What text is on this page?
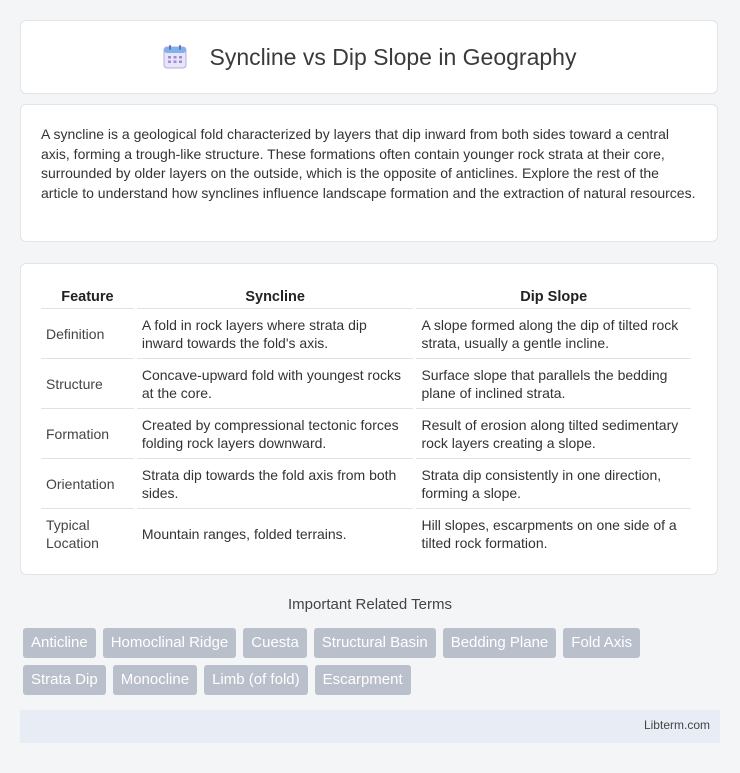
Syncline vs Dip Slope in Geography

A syncline is a geological fold characterized by layers that dip inward from both sides toward a central axis, forming a trough-like structure. These formations often contain younger rock strata at their core, surrounded by older layers on the outside, which is the opposite of anticlines. Explore the rest of the article to understand how synclines influence landscape formation and the extraction of natural resources.

Feature	Syncline	Dip Slope
Definition	A fold in rock layers where strata dip inward towards the fold's axis.	A slope formed along the dip of tilted rock strata, usually a gentle incline.
Structure	Concave-upward fold with youngest rocks at the core.	Surface slope that parallels the bedding plane of inclined strata.
Formation	Created by compressional tectonic forces folding rock layers downward.	Result of erosion along tilted sedimentary rock layers creating a slope.
Orientation	Strata dip towards the fold axis from both sides.	Strata dip consistently in one direction, forming a slope.
Typical Location	Mountain ranges, folded terrains.	Hill slopes, escarpments on one side of a tilted rock formation.
Important Related Terms
Anticline	Homoclinal Ridge	Cuesta	Structural Basin	Bedding Plane	Fold Axis
Strata Dip	Monocline	Limb (of fold)	Escarpment
Libterm.com
